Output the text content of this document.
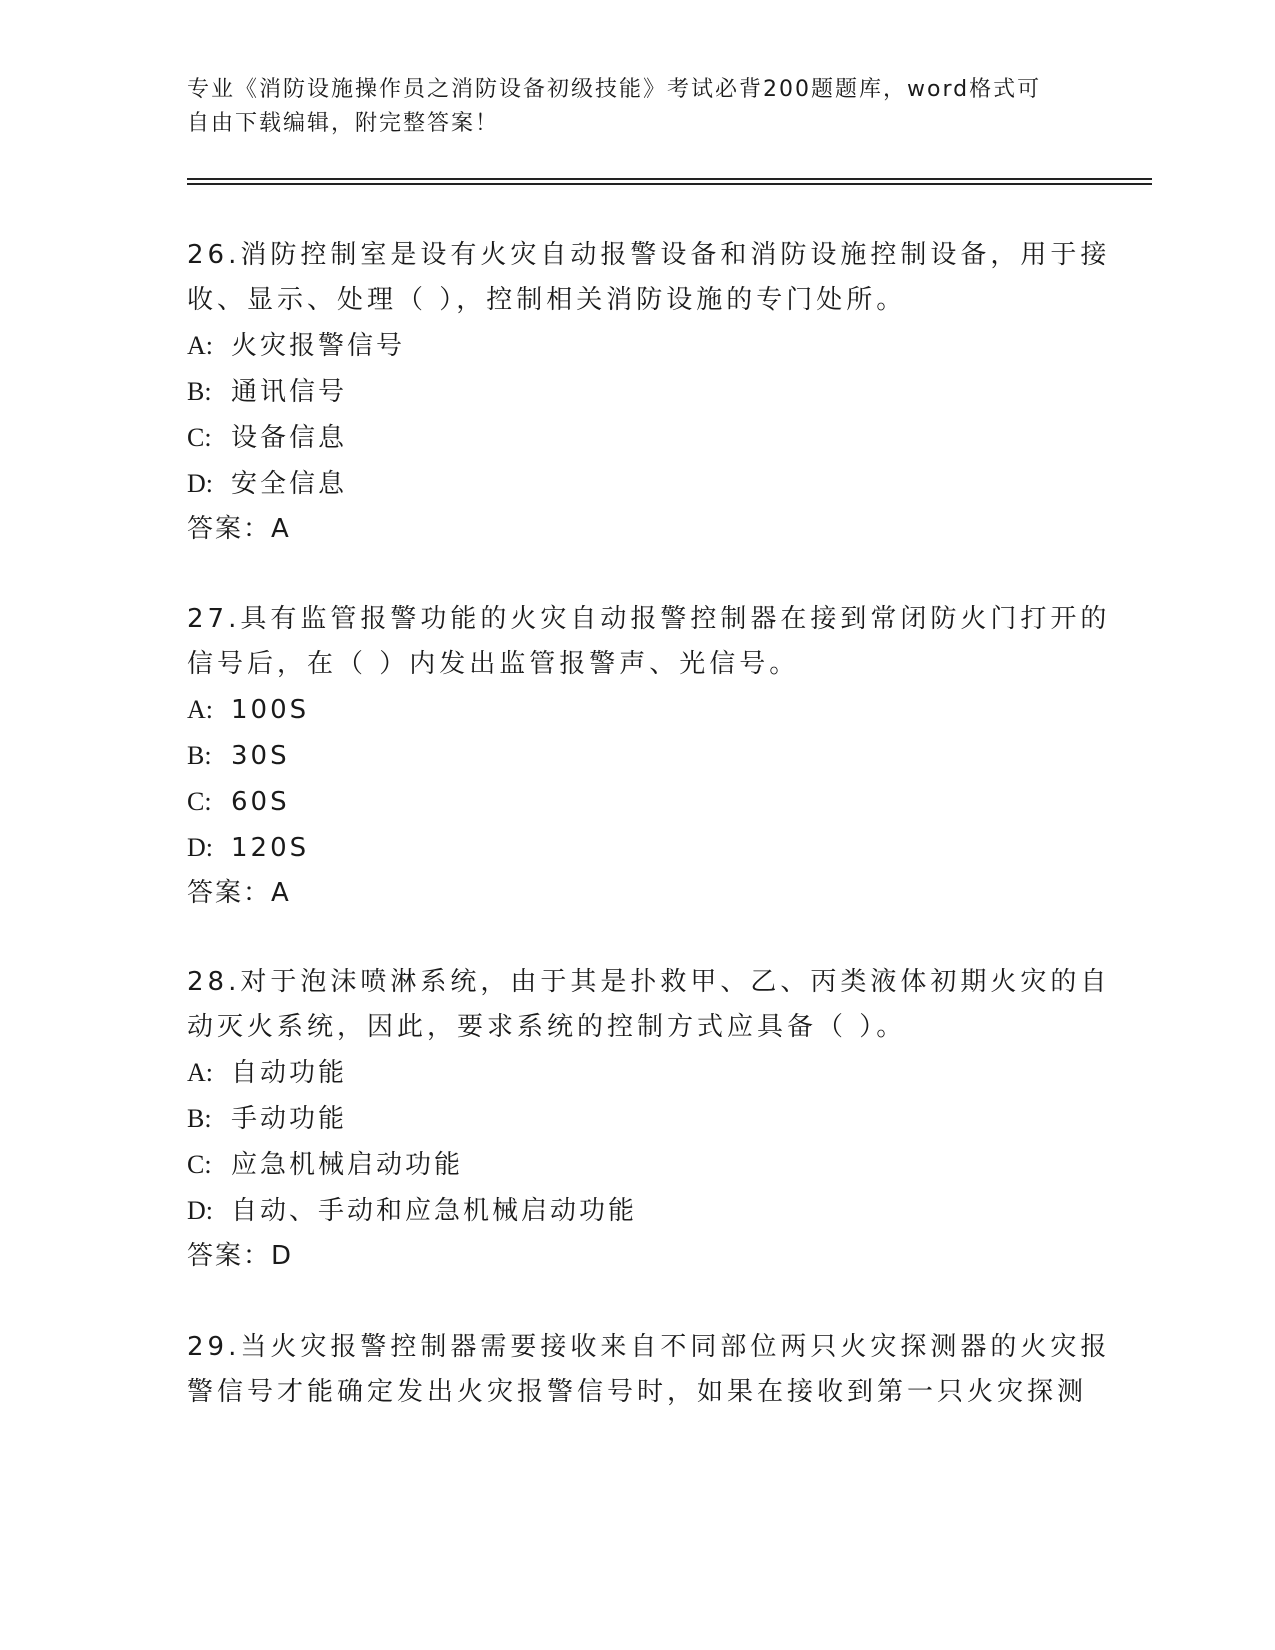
专业《消防设施操作员之消防设备初级技能》考试必背200题题库，word格式可

自由下载编辑，附完整答案！

26.消防控制室是设有火灾自动报警设备和消防设施控制设备，用于接

收、显示、处理（ ），控制相关消防设施的专门处所。

A: 火灾报警信号

B: 通讯信号

C: 设备信息

D: 安全信息

答案：A

27.具有监管报警功能的火灾自动报警控制器在接到常闭防火门打开的

信号后，在（ ）内发出监管报警声、光信号。

A: 100S

B: 30S

C: 60S

D: 120S

答案：A

28.对于泡沫喷淋系统，由于其是扑救甲、乙、丙类液体初期火灾的自

动灭火系统，因此，要求系统的控制方式应具备（ ）。

A: 自动功能

B: 手动功能

C: 应急机械启动功能

D: 自动、手动和应急机械启动功能

答案：D

29.当火灾报警控制器需要接收来自不同部位两只火灾探测器的火灾报

警信号才能确定发出火灾报警信号时，如果在接收到第一只火灾探测
